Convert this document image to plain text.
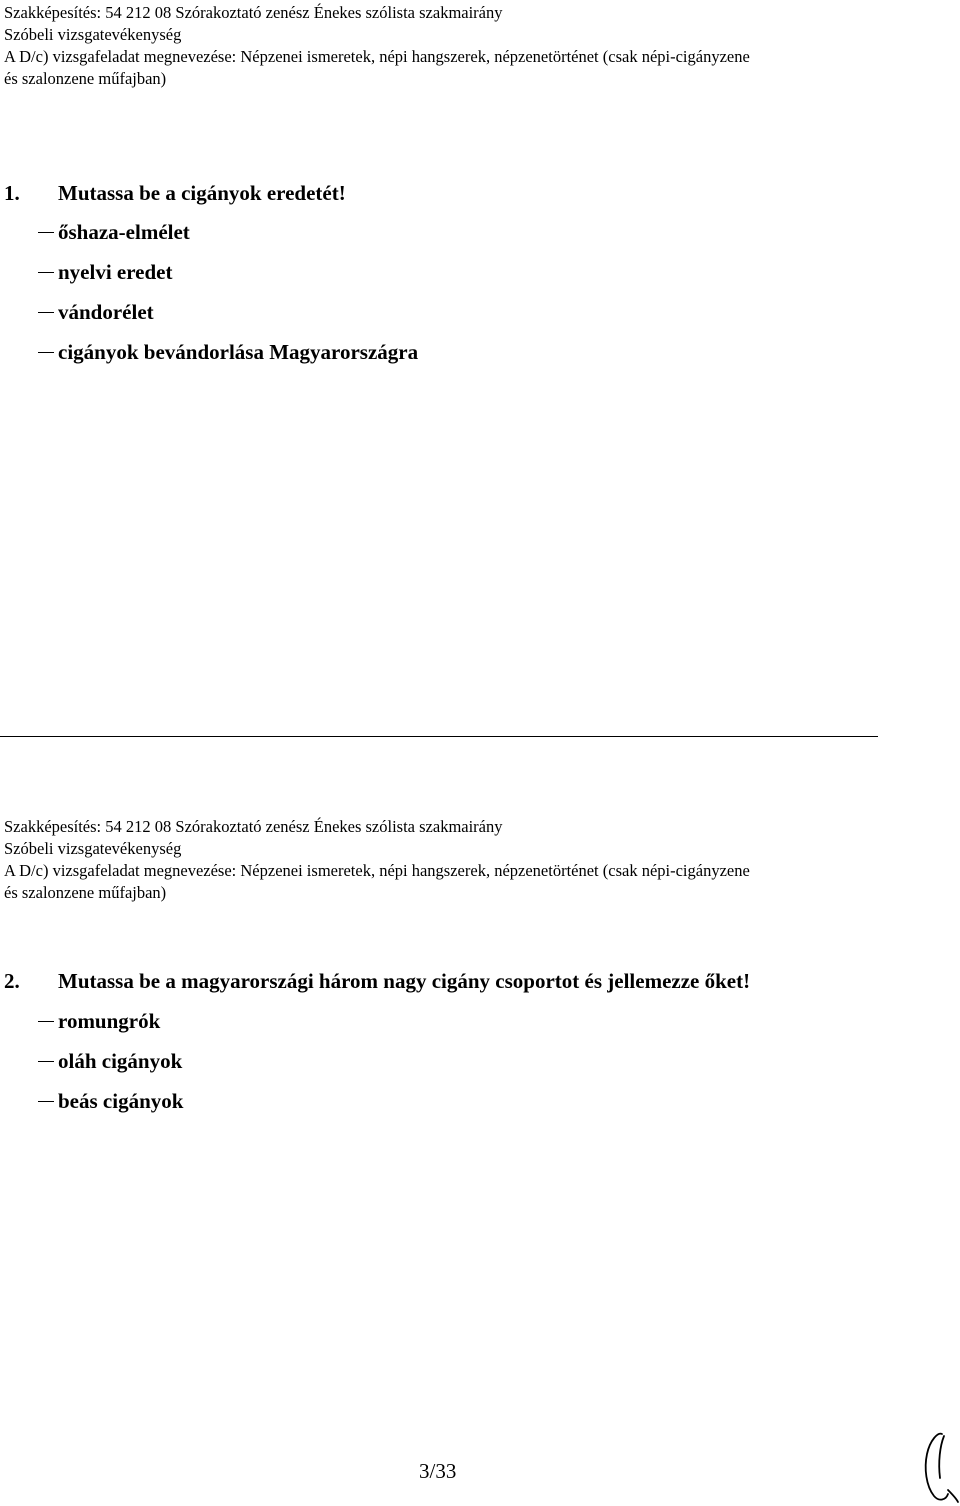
Szakképesítés: 54 212 08 Szórakoztató zenész Énekes szólista szakmairány
Szóbeli vizsgatevékenység
A D/c) vizsgafeladat megnevezése: Népzenei ismeretek, népi hangszerek, népzenetörténet (csak népi-cigányzene
és szalonzene műfajban)
1. Mutassa be a cigányok eredetét!
őshaza-elmélet
nyelvi eredet
vándorélet
cigányok bevándorlása Magyarországra
Szakképesítés: 54 212 08 Szórakoztató zenész Énekes szólista szakmairány
Szóbeli vizsgatevékenység
A D/c) vizsgafeladat megnevezése: Népzenei ismeretek, népi hangszerek, népzenetörténet (csak népi-cigányzene
és szalonzene műfajban)
2. Mutassa be a magyarországi három nagy cigány csoportot és jellemezze őket!
romungrók
oláh cigányok
beás cigányok
3/33
